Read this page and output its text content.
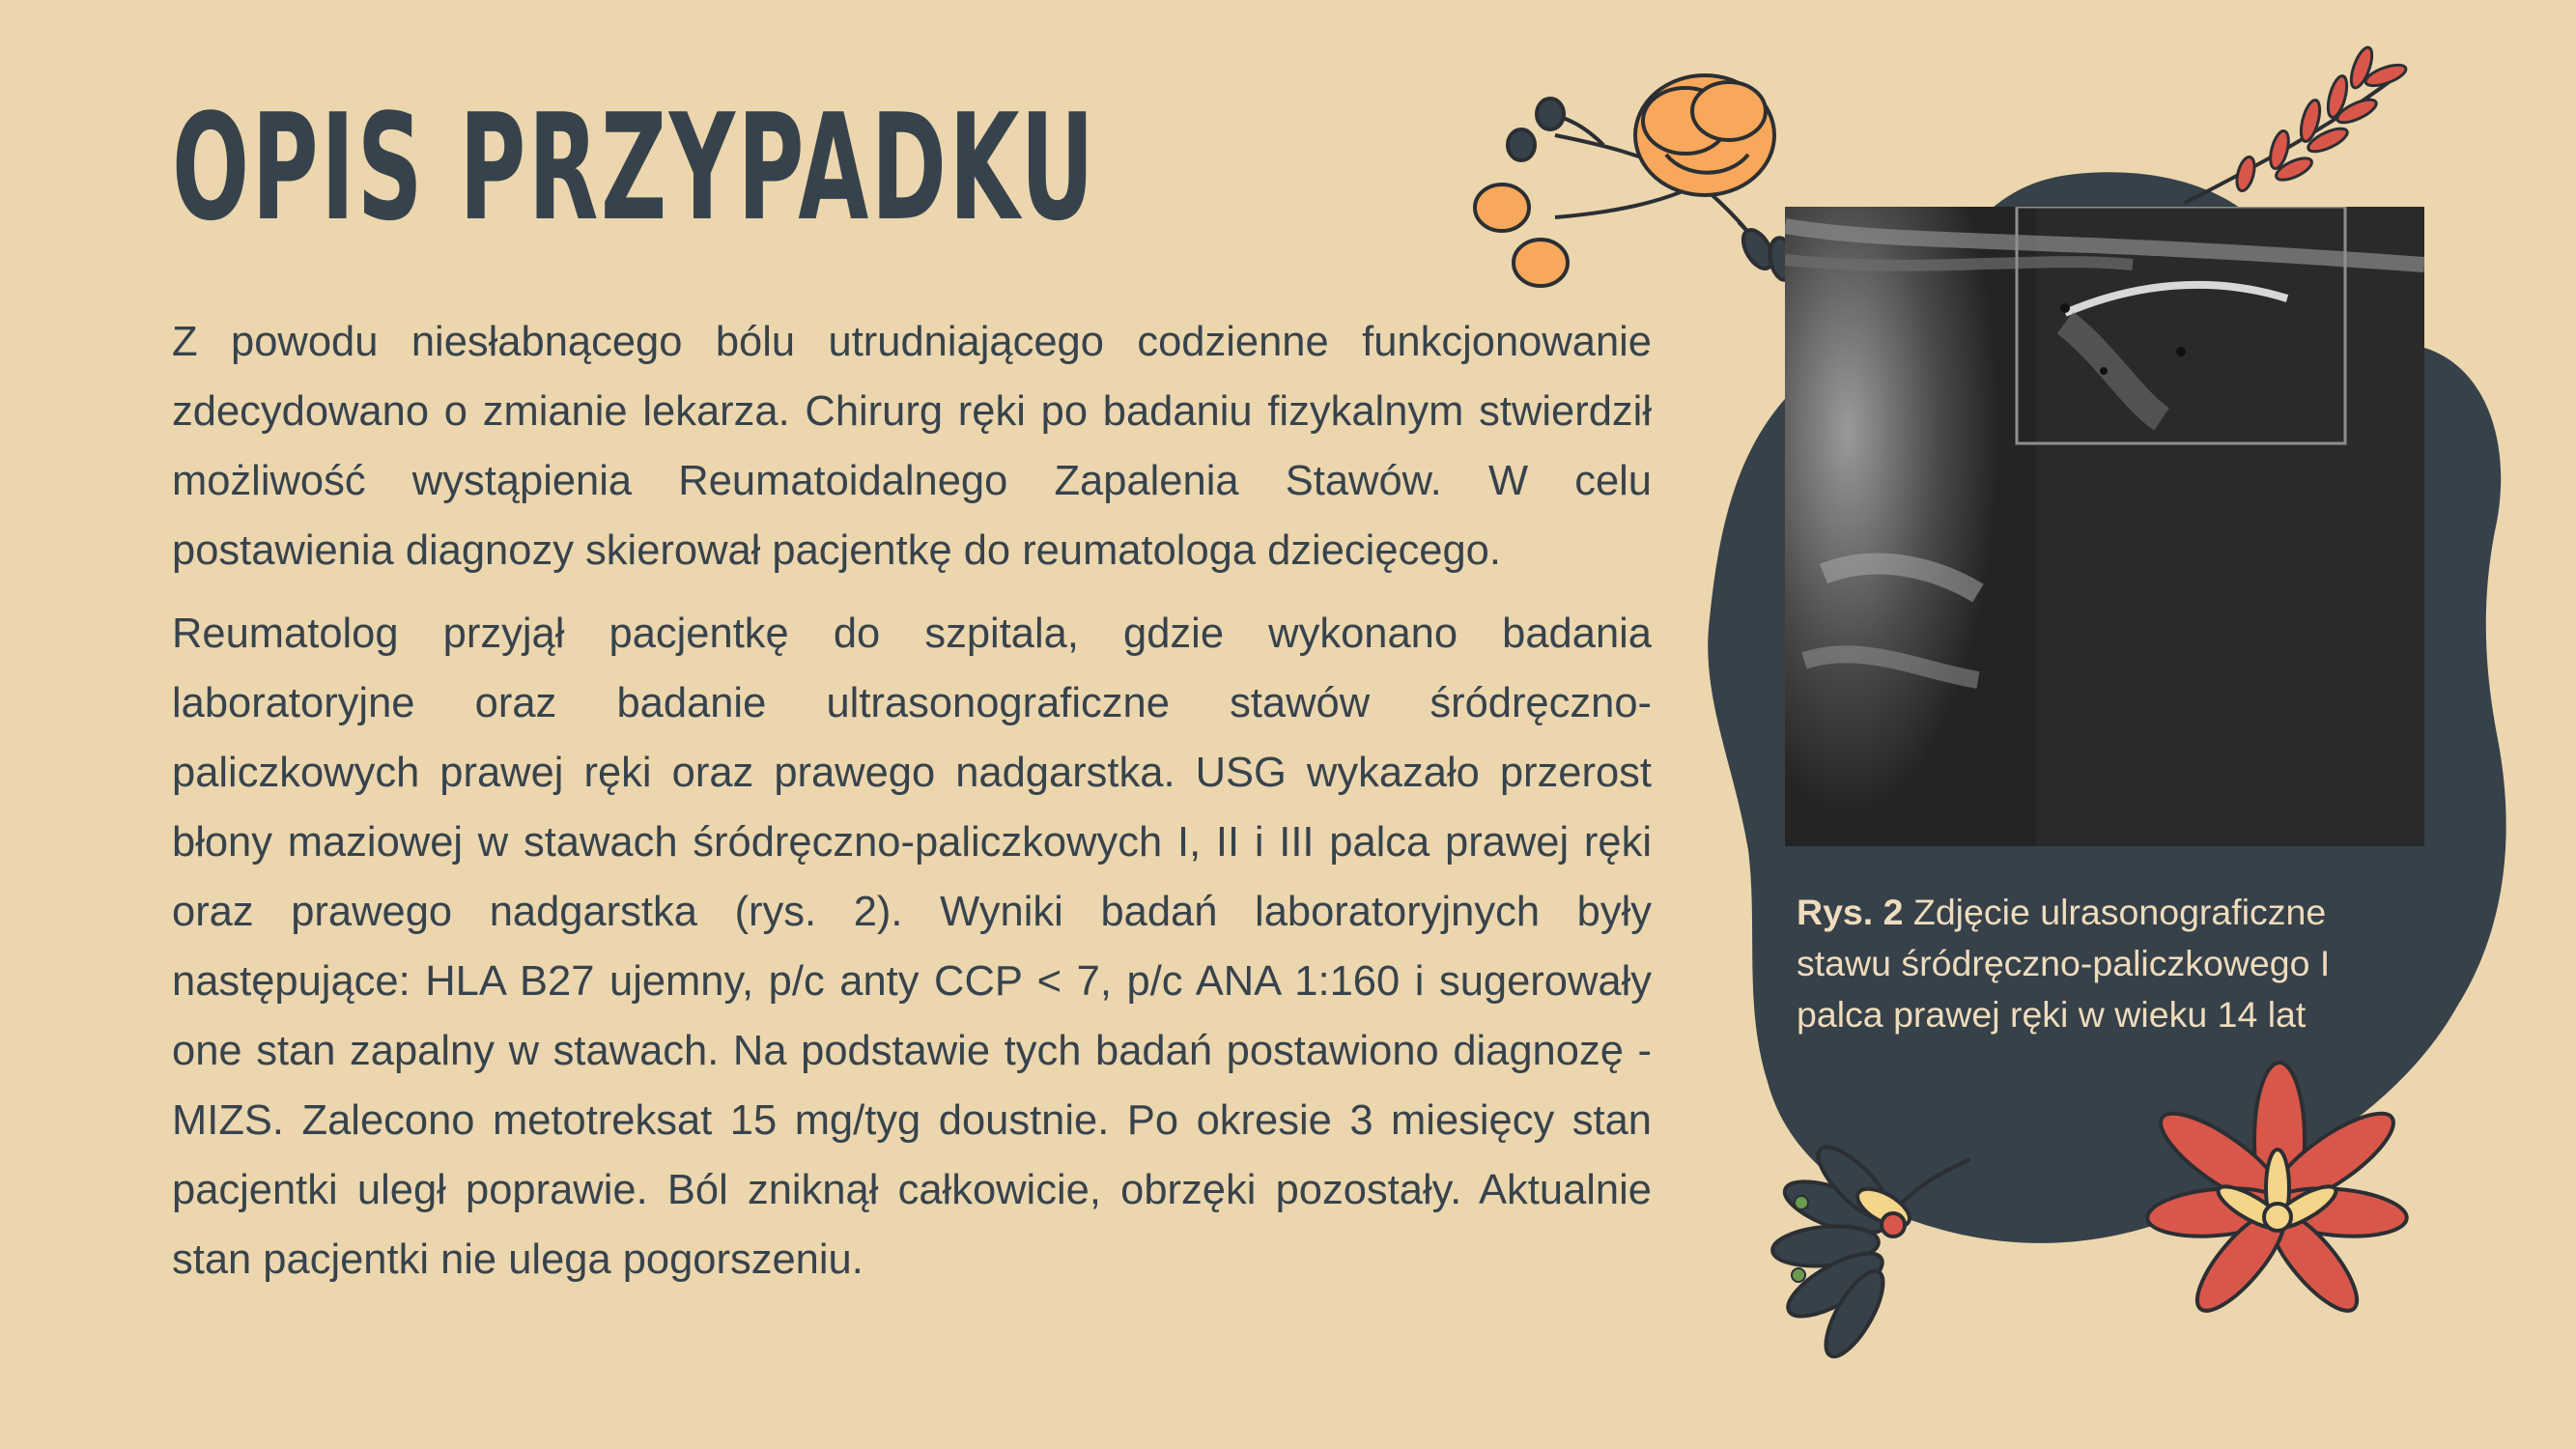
OPIS PRZYPADKU

Z powodu niesłabnącego bólu utrudniającego codzienne funkcjonowanie zdecydowano o zmianie lekarza. Chirurg ręki po badaniu fizykalnym stwierdził możliwość wystąpienia Reumatoidalnego Zapalenia Stawów. W celu postawienia diagnozy skierował pacjentkę do reumatologa dziecięcego.

Reumatolog przyjął pacjentkę do szpitala, gdzie wykonano badania laboratoryjne oraz badanie ultrasonograficzne stawów śródręczno-paliczkowych prawej ręki oraz prawego nadgarstka. USG wykazało przerost błony maziowej w stawach śródręczno-paliczkowych I, II i III palca prawej ręki oraz prawego nadgarstka (rys. 2). Wyniki badań laboratoryjnych były następujące: HLA B27 ujemny, p/c anty CCP < 7, p/c ANA 1:160 i sugerowały one stan zapalny w stawach. Na podstawie tych badań postawiono diagnozę - MIZS. Zalecono metotreksat 15 mg/tyg doustnie. Po okresie 3 miesięcy stan pacjentki uległ poprawie. Ból zniknął całkowicie, obrzęki pozostały. Aktualnie stan pacjentki nie ulega pogorszeniu.

Rys. 2 Zdjęcie ulrasonograficzne stawu śródręczno-paliczkowego I palca prawej ręki w wieku 14 lat
